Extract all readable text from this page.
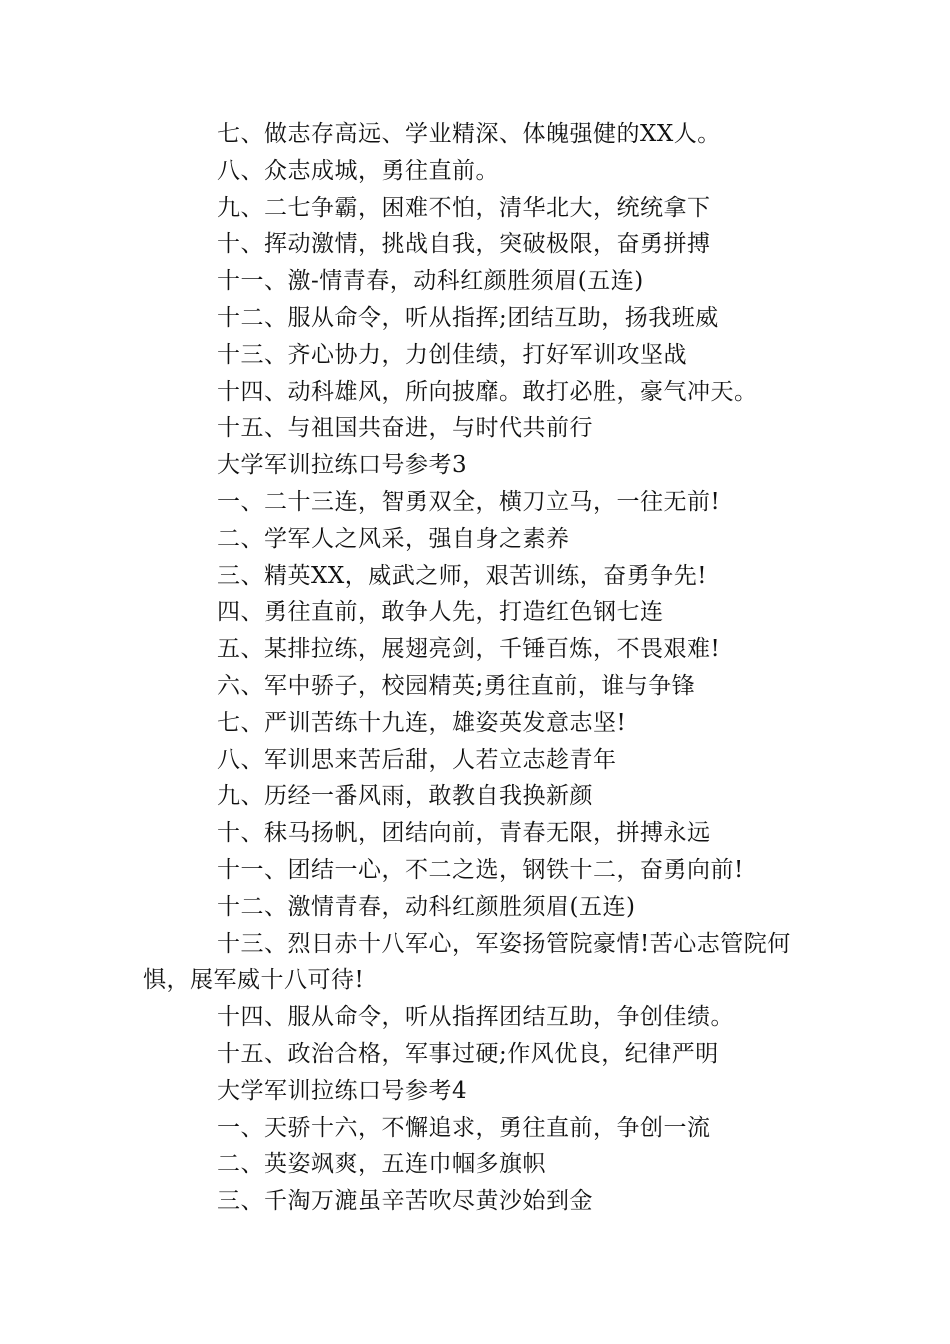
七、做志存高远、学业精深、体魄强健的XX人。
八、众志成城，勇往直前。
九、二七争霸，困难不怕，清华北大，统统拿下
十、挥动激情，挑战自我，突破极限，奋勇拼搏
十一、激-情青春，动科红颜胜须眉(五连)
十二、服从命令，听从指挥;团结互助，扬我班威
十三、齐心协力，力创佳绩，打好军训攻坚战
十四、动科雄风，所向披靡。敢打必胜，豪气冲天。
十五、与祖国共奋进，与时代共前行
大学军训拉练口号参考3
一、二十三连，智勇双全，横刀立马，一往无前!
二、学军人之风采，强自身之素养
三、精英XX，威武之师，艰苦训练，奋勇争先!
四、勇往直前，敢争人先，打造红色钢七连
五、某排拉练，展翅亮剑，千锤百炼，不畏艰难!
六、军中骄子，校园精英;勇往直前，谁与争锋
七、严训苦练十九连，雄姿英发意志坚!
八、军训思来苦后甜，人若立志趁青年
九、历经一番风雨，敢教自我换新颜
十、秣马扬帆，团结向前，青春无限，拼搏永远
十一、团结一心，不二之选，钢铁十二，奋勇向前!
十二、激情青春，动科红颜胜须眉(五连)
十三、烈日赤十八军心，军姿扬管院豪情!苦心志管院何
惧，展军威十八可待!
十四、服从命令，听从指挥团结互助，争创佳绩。
十五、政治合格，军事过硬;作风优良，纪律严明
大学军训拉练口号参考4
一、天骄十六，不懈追求，勇往直前，争创一流
二、英姿飒爽，五连巾帼多旗帜
三、千淘万漉虽辛苦吹尽黄沙始到金
